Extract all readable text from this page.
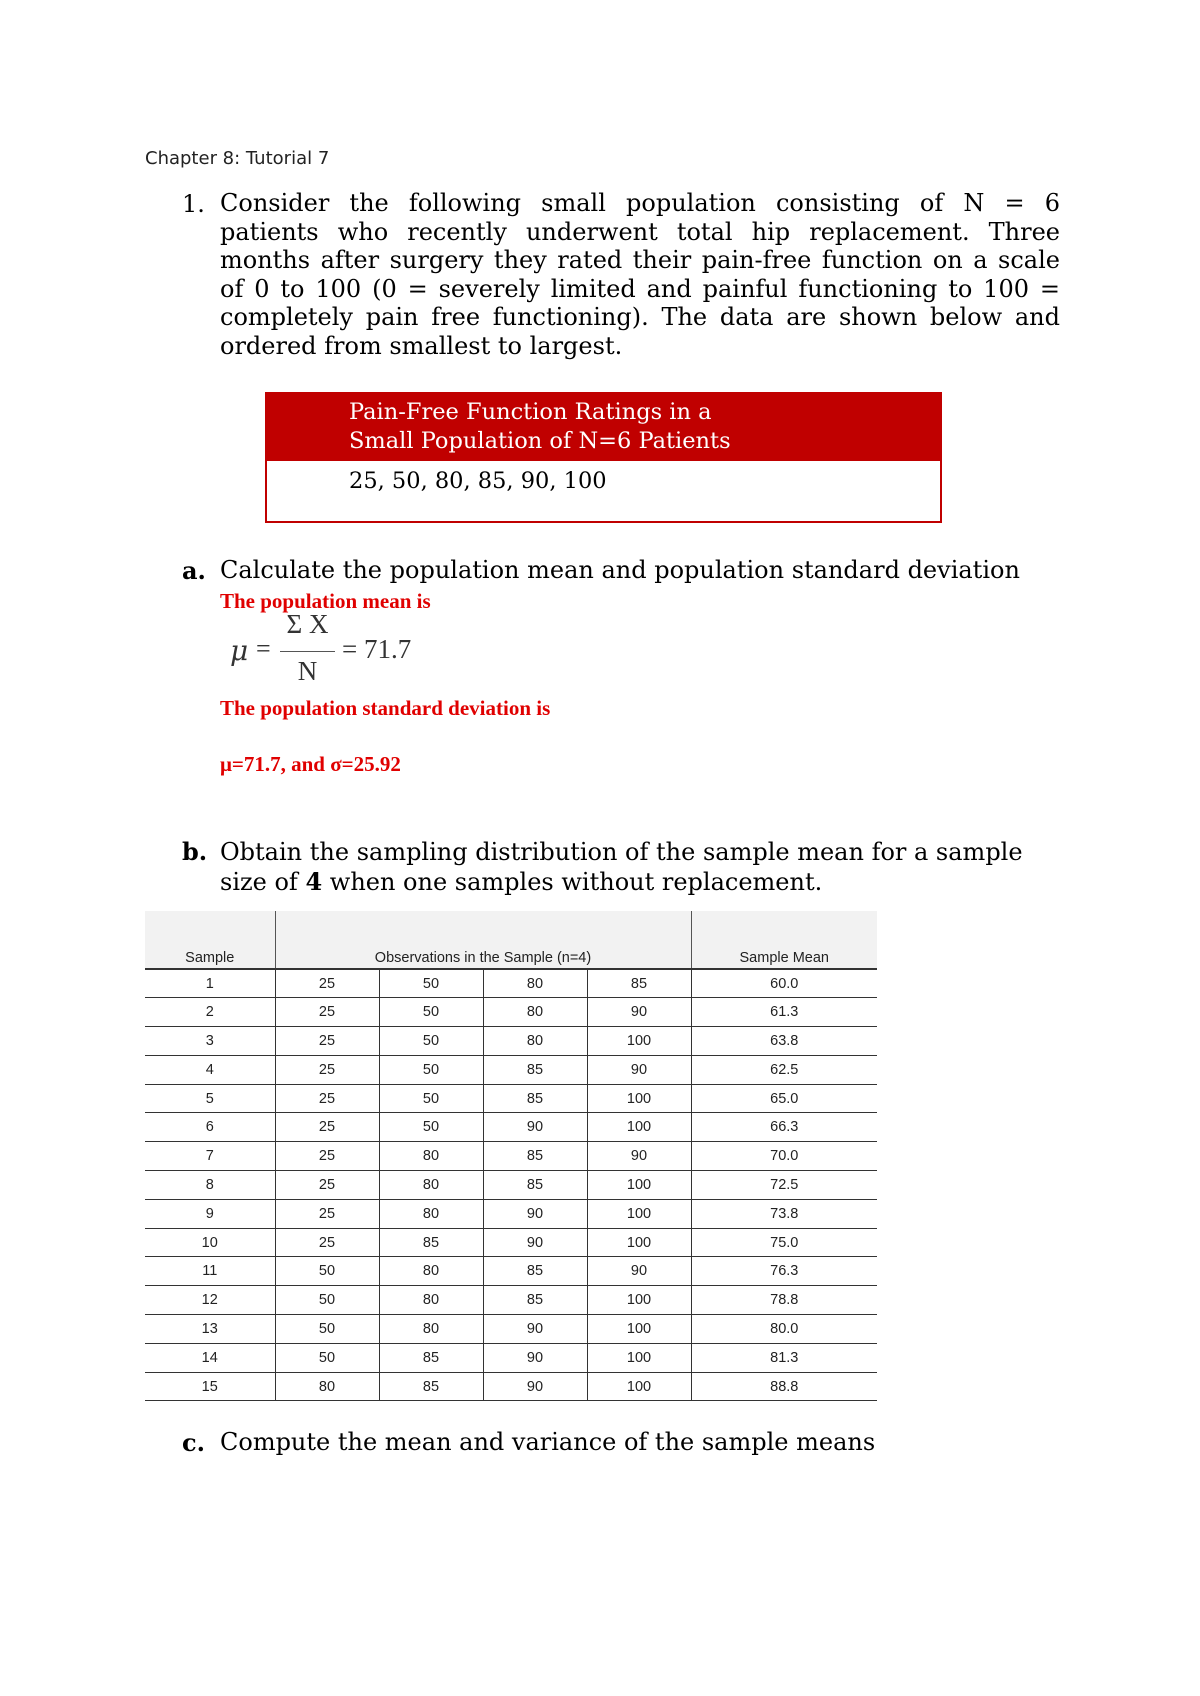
Chapter 8: Tutorial 7
1. Consider the following small population consisting of N = 6
patients who recently underwent total hip replacement. Three
months after surgery they rated their pain-free function on a scale
of 0 to 100 (0 = severely limited and painful functioning to 100 =
completely pain free functioning). The data are shown below and
ordered from smallest to largest.
Pain-Free Function Ratings in a
Small Population of N=6 Patients
25, 50, 80, 85, 90, 100
a. Calculate the population mean and population standard deviation
The population mean is
μ =
Σ X
N
= 71.7
The population standard deviation is
μ=71.7, and σ=25.92
b. Obtain the sampling distribution of the sample mean for a sample
size of 4 when one samples without replacement.
Sample	Observations in the Sample (n=4)				Sample Mean
1	25	50	80	85	60.0
2	25	50	80	90	61.3
3	25	50	80	100	63.8
4	25	50	85	90	62.5
5	25	50	85	100	65.0
6	25	50	90	100	66.3
7	25	80	85	90	70.0
8	25	80	85	100	72.5
9	25	80	90	100	73.8
10	25	85	90	100	75.0
11	50	80	85	90	76.3
12	50	80	85	100	78.8
13	50	80	90	100	80.0
14	50	85	90	100	81.3
15	80	85	90	100	88.8
c. Compute the mean and variance of the sample means
